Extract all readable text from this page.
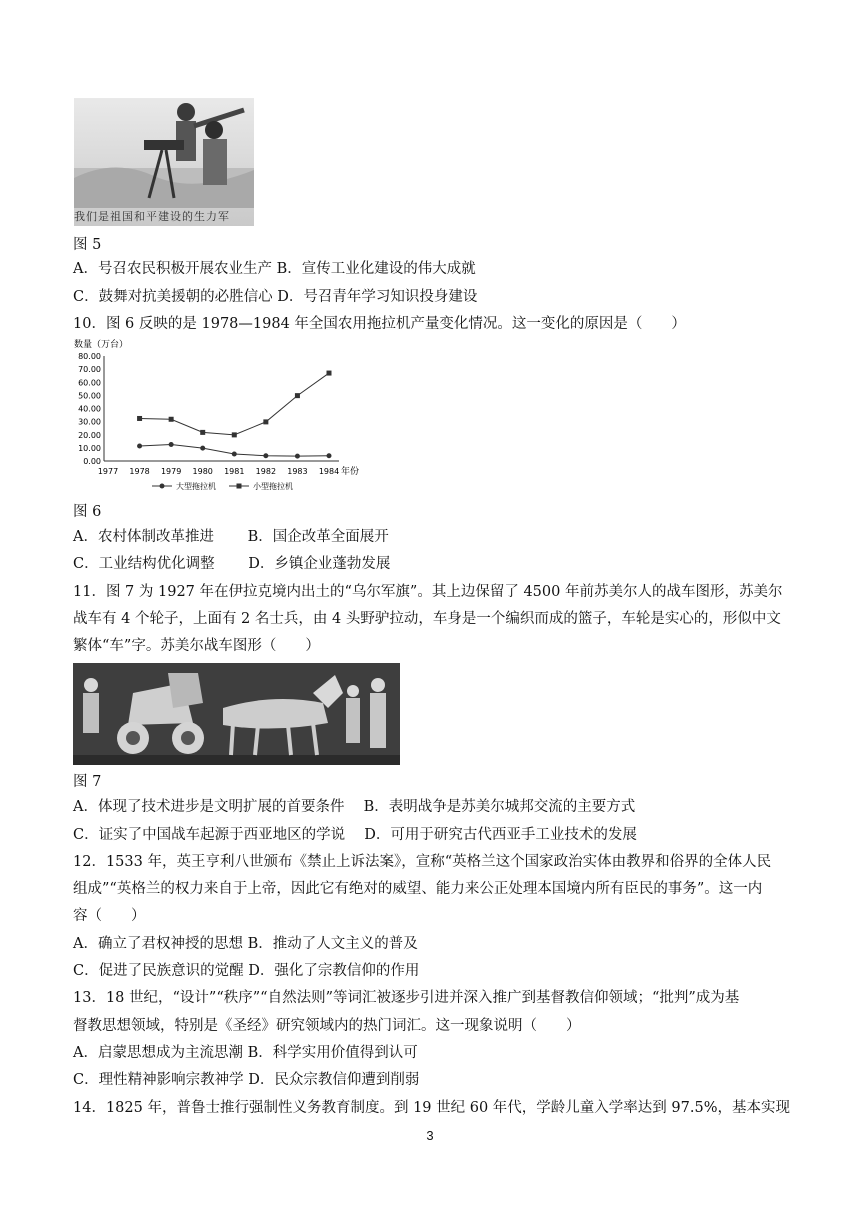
我们是祖国和平建设的生力军
图 5
A．号召农民积极开展农业生产 B．宣传工业化建设的伟大成就
C．鼓舞对抗美援朝的必胜信心 D．号召青年学习知识投身建设
10．图 6 反映的是 1978—1984 年全国农用拖拉机产量变化情况。这一变化的原因是（　　）
数量（万台）
0.00
10.00
20.00
30.00
40.00
50.00
60.00
70.00
80.00
1977 1978 1979 1980 1981 1982 1983 1984 年份
大型拖拉机	小型拖拉机
图 6
A．农村体制改革推进　　 B．国企改革全面展开
C．工业结构优化调整　　 D．乡镇企业蓬勃发展
11．图 7 为 1927 年在伊拉克境内出土的“乌尔军旗”。其上边保留了 4500 年前苏美尔人的战车图形，苏美尔
战车有 4 个轮子，上面有 2 名士兵，由 4 头野驴拉动，车身是一个编织而成的篮子，车轮是实心的，形似中文
繁体“车”字。苏美尔战车图形（　　）
图 7
A．体现了技术进步是文明扩展的首要条件　 B．表明战争是苏美尔城邦交流的主要方式
C．证实了中国战车起源于西亚地区的学说　 D．可用于研究古代西亚手工业技术的发展
12．1533 年，英王亨利八世颁布《禁止上诉法案》，宣称“英格兰这个国家政治实体由教界和俗界的全体人民
组成”“英格兰的权力来自于上帝，因此它有绝对的威望、能力来公正处理本国境内所有臣民的事务”。这一内
容（　　）
A．确立了君权神授的思想 B．推动了人文主义的普及
C．促进了民族意识的觉醒 D．强化了宗教信仰的作用
13．18 世纪，“设计”“秩序”“自然法则”等词汇被逐步引进并深入推广到基督教信仰领域；“批判”成为基
督教思想领域，特别是《圣经》研究领域内的热门词汇。这一现象说明（　　）
A．启蒙思想成为主流思潮 B．科学实用价值得到认可
C．理性精神影响宗教神学 D．民众宗教信仰遭到削弱
14．1825 年，普鲁士推行强制性义务教育制度。到 19 世纪 60 年代，学龄儿童入学率达到 97.5%，基本实现
3
